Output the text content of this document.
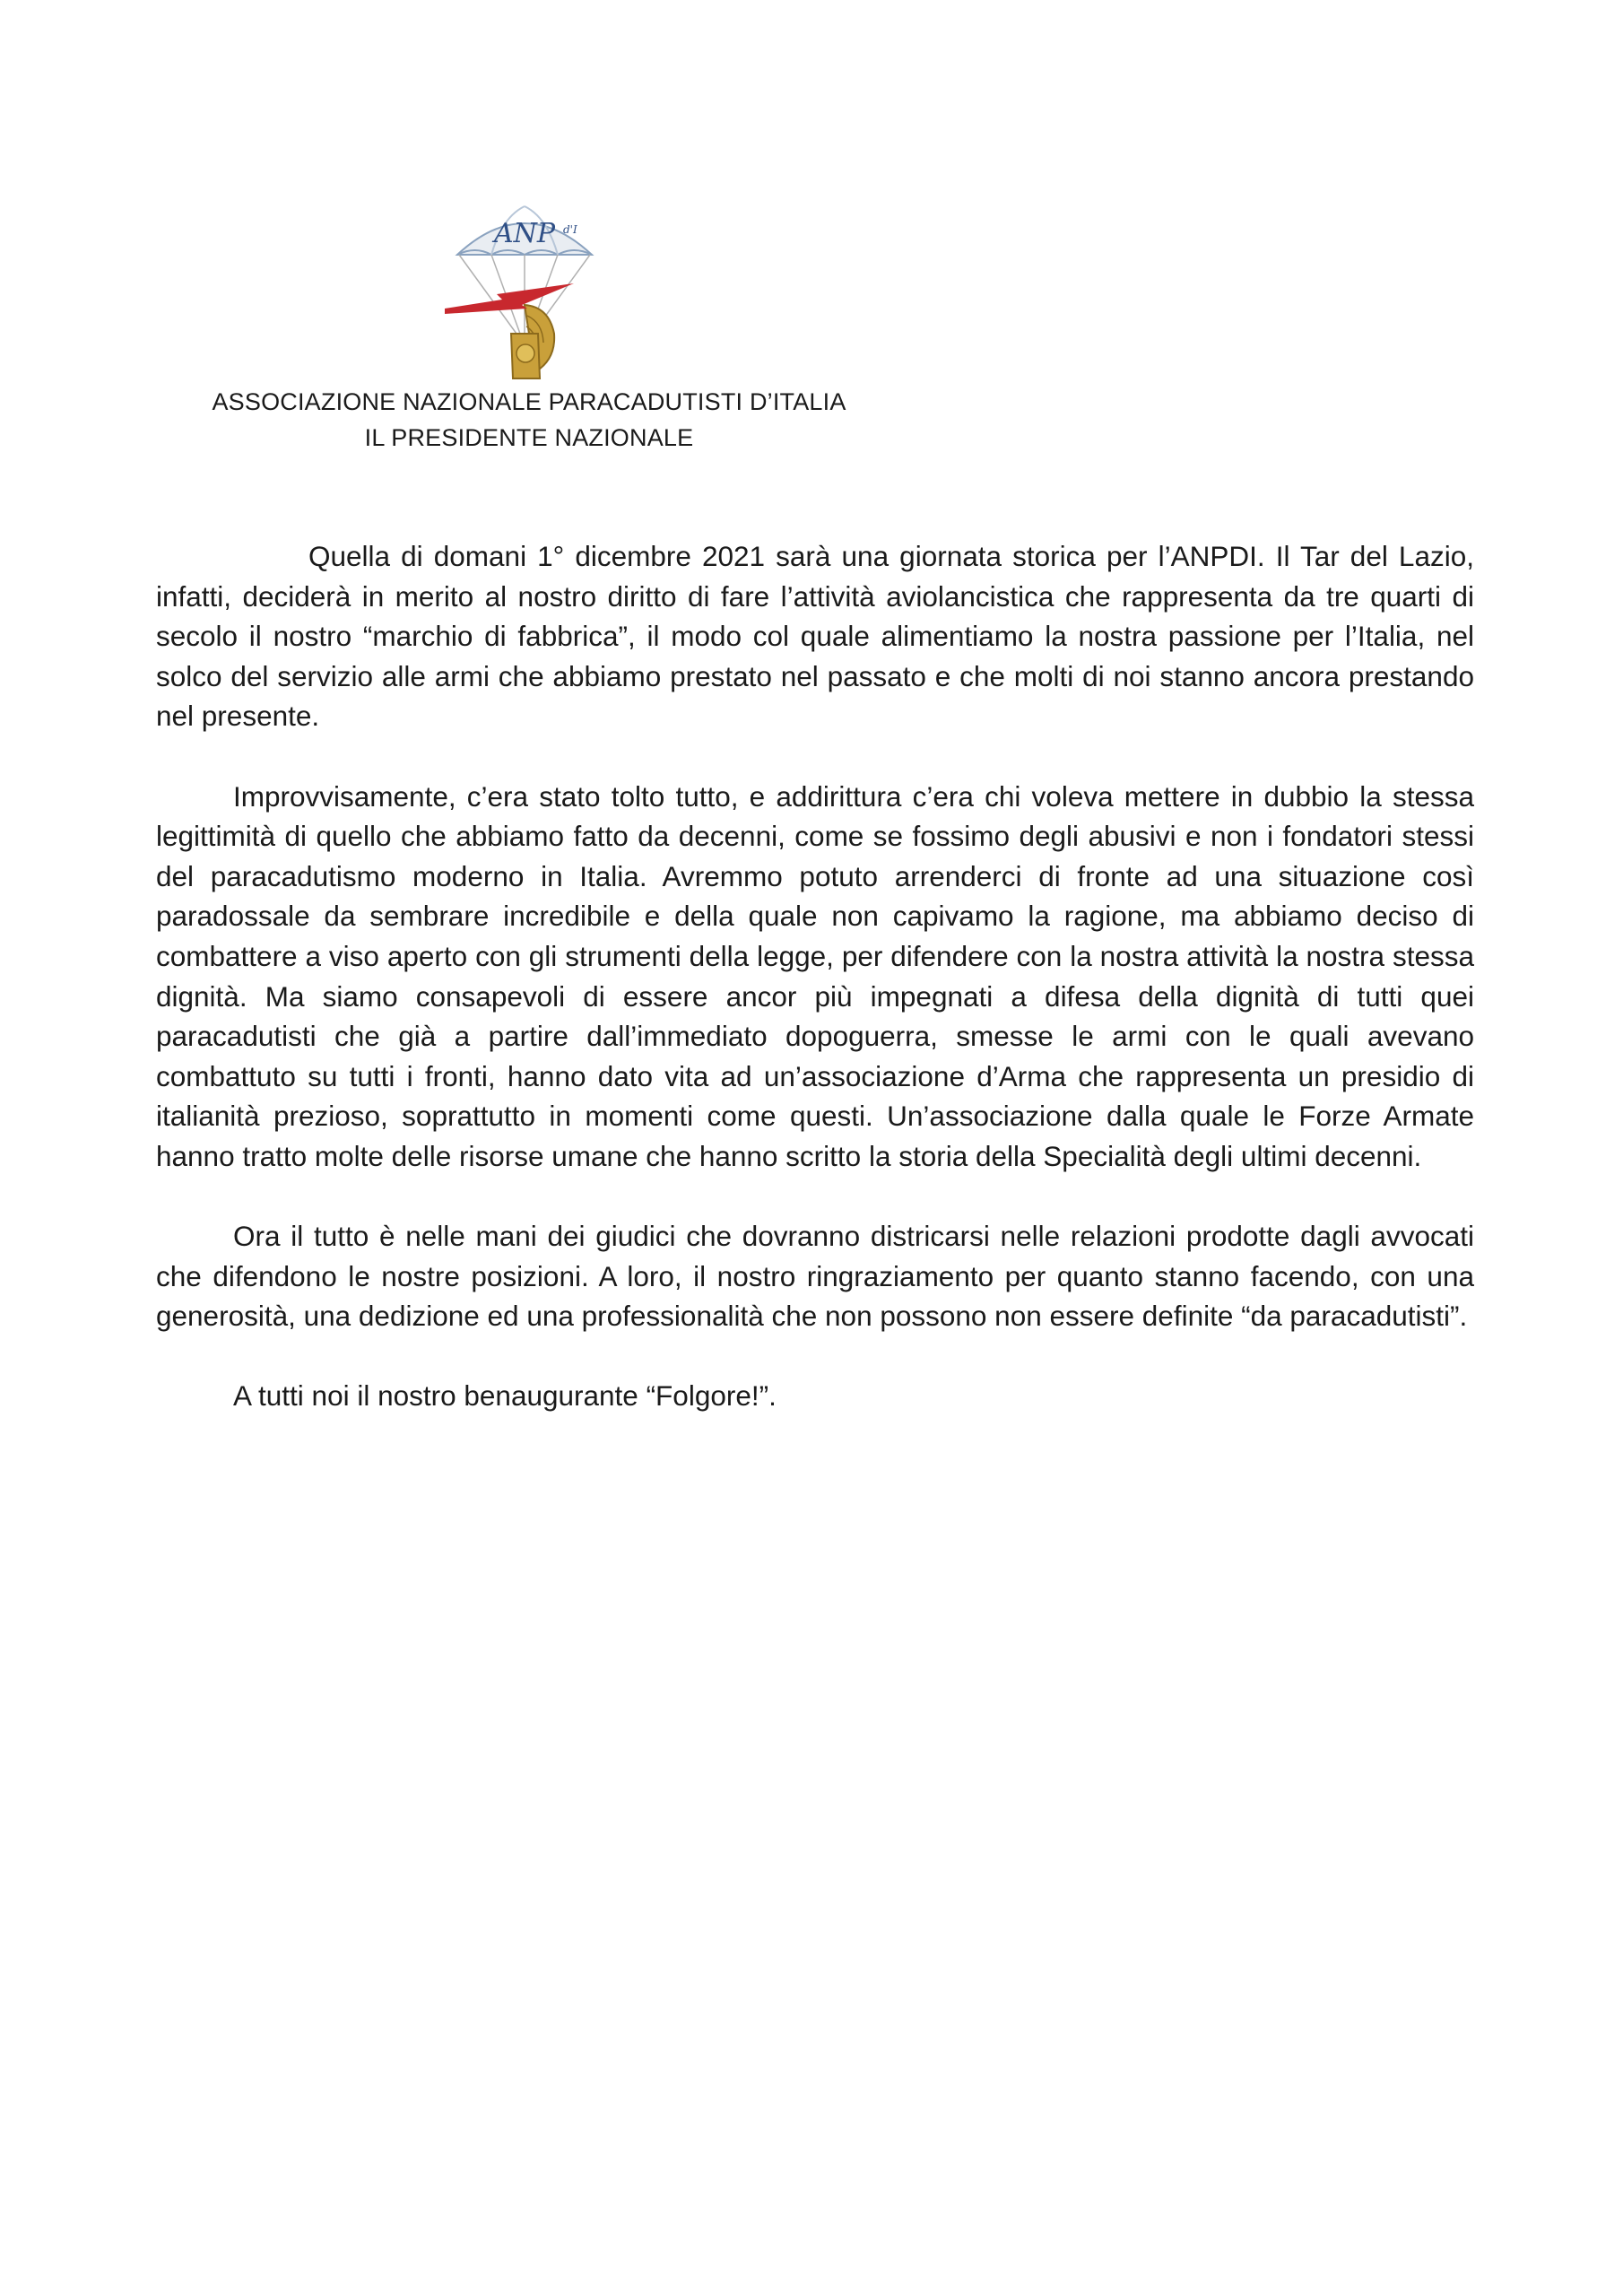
ANP d'I
ASSOCIAZIONE NAZIONALE PARACADUTISTI D’ITALIA
IL PRESIDENTE NAZIONALE

Quella di domani 1° dicembre 2021 sarà una giornata storica per l’ANPDI. Il Tar del Lazio, infatti, deciderà in merito al nostro diritto di fare l’attività aviolancistica che rappresenta da tre quarti di secolo il nostro “marchio di fabbrica”, il modo col quale alimentiamo la nostra passione per l’Italia, nel solco del servizio alle armi che abbiamo prestato nel passato e che molti di noi stanno ancora prestando nel presente.

Improvvisamente, c’era stato tolto tutto, e addirittura c’era chi voleva mettere in dubbio la stessa legittimità di quello che abbiamo fatto da decenni, come se fossimo degli abusivi e non i fondatori stessi del paracadutismo moderno in Italia. Avremmo potuto arrenderci di fronte ad una situazione così paradossale da sembrare incredibile e della quale non capivamo la ragione, ma abbiamo deciso di combattere a viso aperto con gli strumenti della legge, per difendere con la nostra attività la nostra stessa dignità. Ma siamo consapevoli di essere ancor più impegnati a difesa della dignità di tutti quei paracadutisti che già a partire dall’immediato dopoguerra, smesse le armi con le quali avevano combattuto su tutti i fronti, hanno dato vita ad un’associazione d’Arma che rappresenta un presidio di italianità prezioso, soprattutto in momenti come questi. Un’associazione dalla quale le Forze Armate hanno tratto molte delle risorse umane che hanno scritto la storia della Specialità degli ultimi decenni.

Ora il tutto è nelle mani dei giudici che dovranno districarsi nelle relazioni prodotte dagli avvocati che difendono le nostre posizioni. A loro, il nostro ringraziamento per quanto stanno facendo, con una generosità, una dedizione ed una professionalità che non possono non essere definite “da paracadutisti”.

A tutti noi il nostro benaugurante “Folgore!”.
